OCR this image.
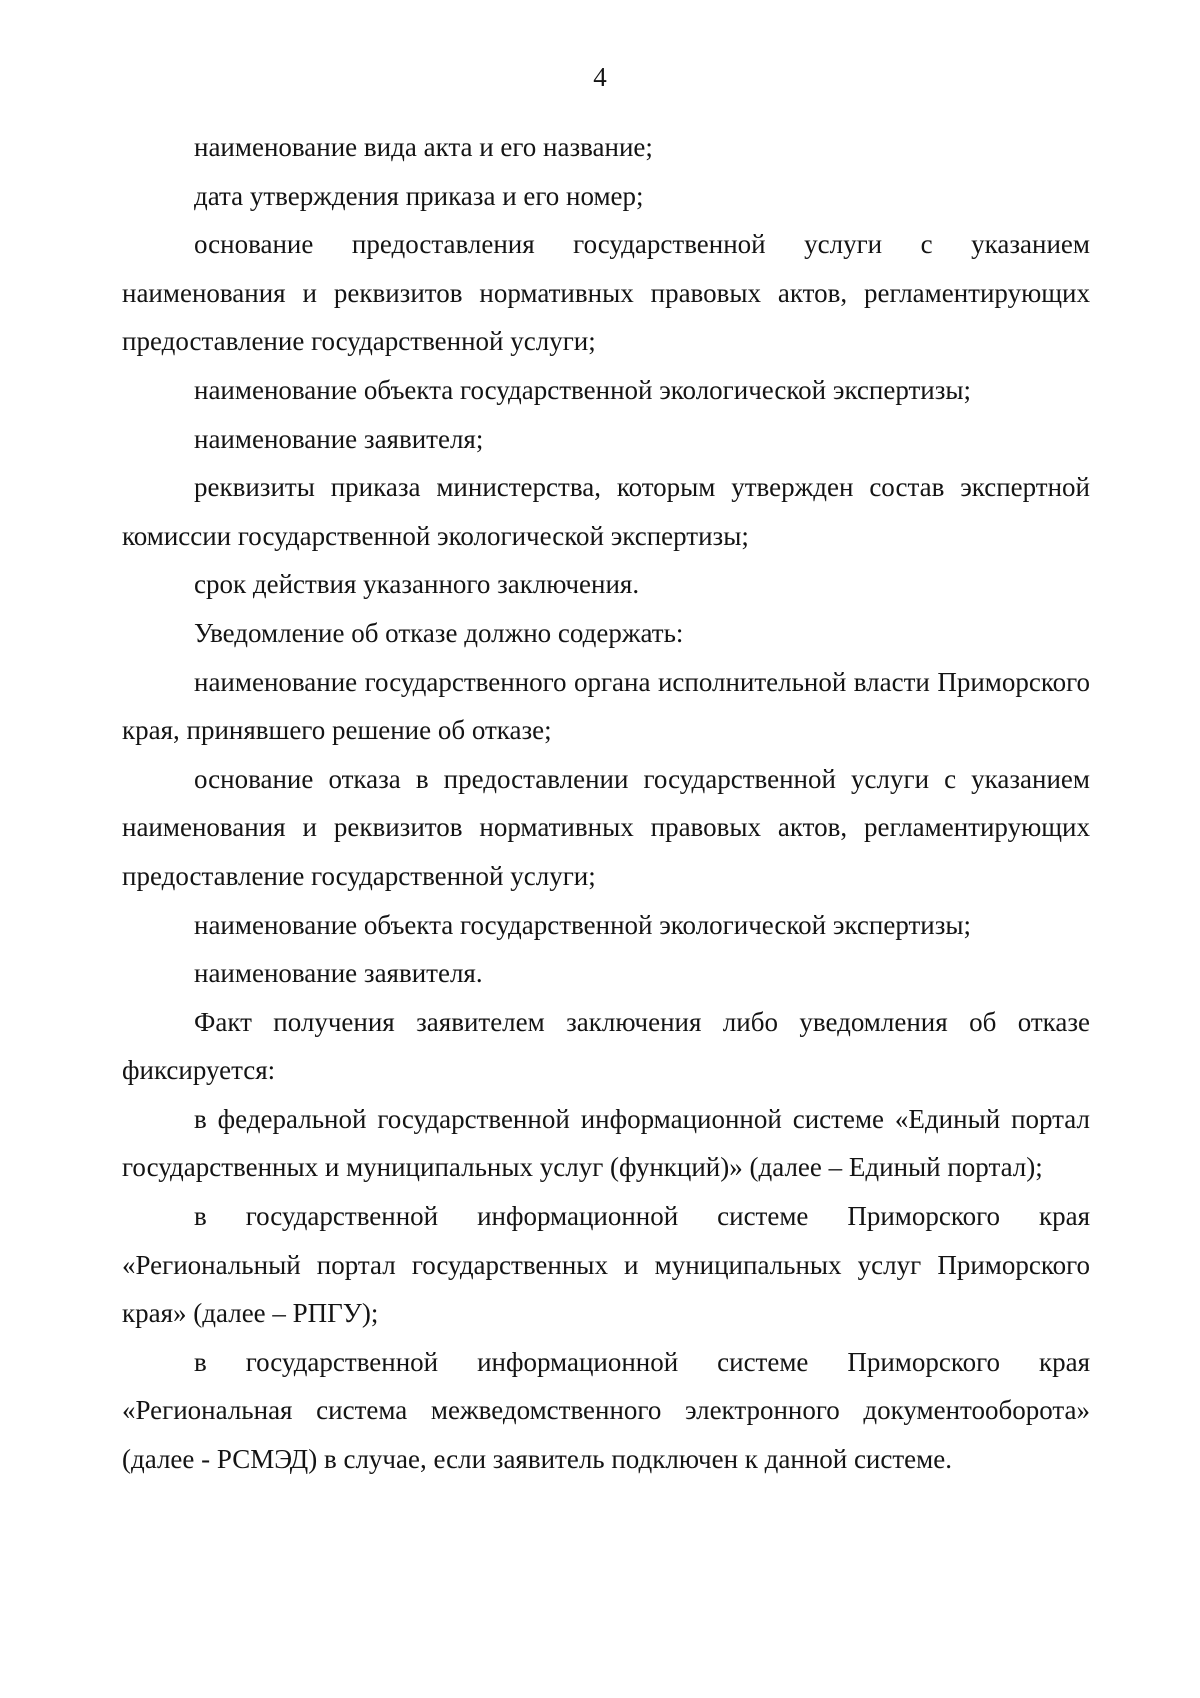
4

наименование вида акта и его название;

дата утверждения приказа и его номер;

основание предоставления государственной услуги с указанием наименования и реквизитов нормативных правовых актов, регламентирующих предоставление государственной услуги;

наименование объекта государственной экологической экспертизы;

наименование заявителя;

реквизиты приказа министерства, которым утвержден состав экспертной комиссии государственной экологической экспертизы;

срок действия указанного заключения.

Уведомление об отказе должно содержать:

наименование государственного органа исполнительной власти Приморского края, принявшего решение об отказе;

основание отказа в предоставлении государственной услуги с указанием наименования и реквизитов нормативных правовых актов, регламентирующих предоставление государственной услуги;

наименование объекта государственной экологической экспертизы;

наименование заявителя.

Факт получения заявителем заключения либо уведомления об отказе фиксируется:

в федеральной государственной информационной системе «Единый портал государственных и муниципальных услуг (функций)» (далее – Единый портал);

в государственной информационной системе Приморского края «Региональный портал государственных и муниципальных услуг Приморского края» (далее – РПГУ);

в государственной информационной системе Приморского края «Региональная система межведомственного электронного документооборота» (далее - РСМЭД) в случае, если заявитель подключен к данной системе.
